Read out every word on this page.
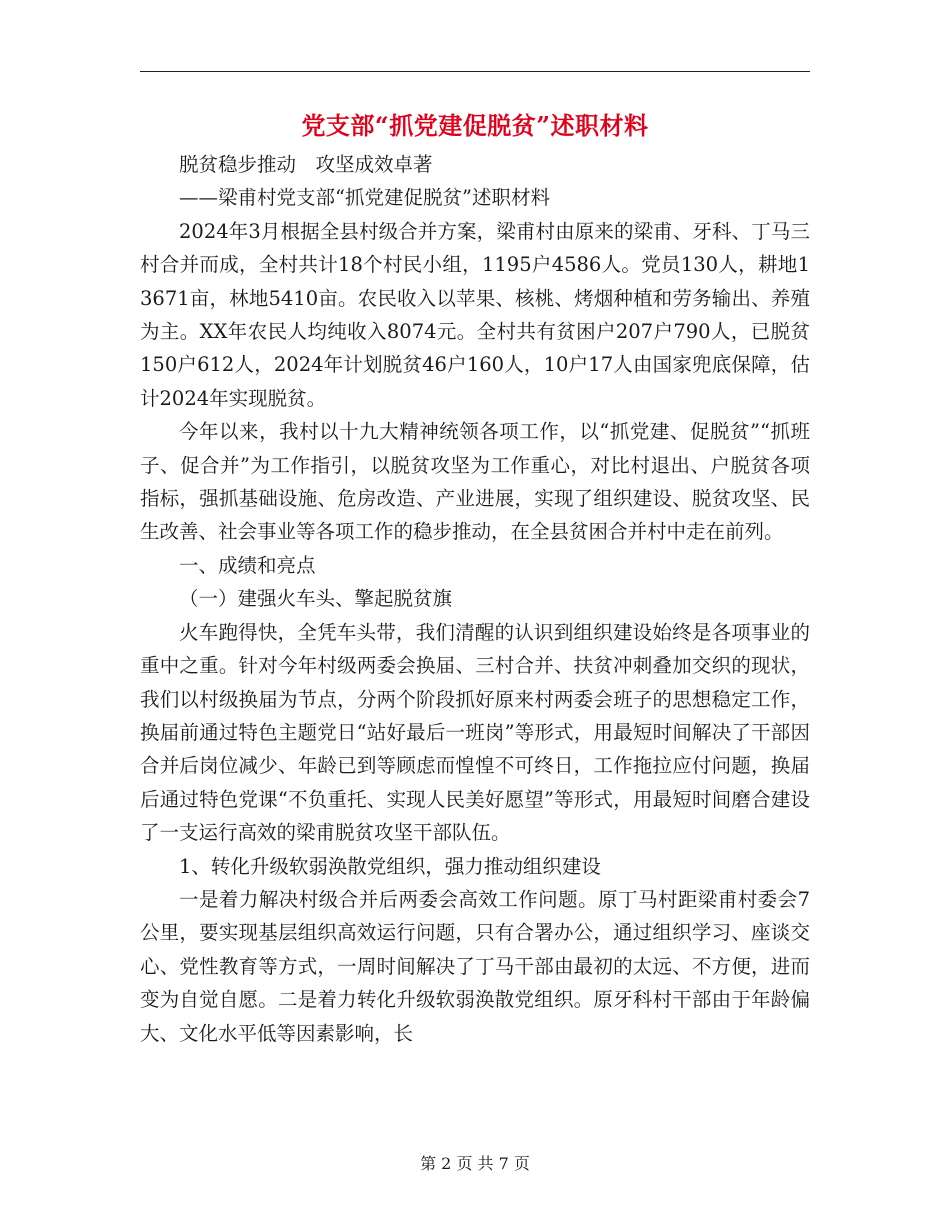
党支部“抓党建促脱贫”述职材料

脱贫稳步推动　攻坚成效卓著

——梁甫村党支部“抓党建促脱贫”述职材料

2024年3月根据全县村级合并方案，梁甫村由原来的梁甫、牙科、丁马三村合并而成，全村共计18个村民小组，1195户4586人。党员130人，耕地13671亩，林地5410亩。农民收入以苹果、核桃、烤烟种植和劳务输出、养殖为主。XX年农民人均纯收入8074元。全村共有贫困户207户790人，已脱贫150户612人，2024年计划脱贫46户160人，10户17人由国家兜底保障，估计2024年实现脱贫。

今年以来，我村以十九大精神统领各项工作，以“抓党建、促脱贫”“抓班子、促合并”为工作指引，以脱贫攻坚为工作重心，对比村退出、户脱贫各项指标，强抓基础设施、危房改造、产业进展，实现了组织建设、脱贫攻坚、民生改善、社会事业等各项工作的稳步推动，在全县贫困合并村中走在前列。

一、成绩和亮点

（一）建强火车头、擎起脱贫旗

火车跑得快，全凭车头带，我们清醒的认识到组织建设始终是各项事业的重中之重。针对今年村级两委会换届、三村合并、扶贫冲刺叠加交织的现状，我们以村级换届为节点，分两个阶段抓好原来村两委会班子的思想稳定工作，换届前通过特色主题党日“站好最后一班岗”等形式，用最短时间解决了干部因合并后岗位减少、年龄已到等顾虑而惶惶不可终日，工作拖拉应付问题，换届后通过特色党课“不负重托、实现人民美好愿望”等形式，用最短时间磨合建设了一支运行高效的梁甫脱贫攻坚干部队伍。

1、转化升级软弱涣散党组织，强力推动组织建设

一是着力解决村级合并后两委会高效工作问题。原丁马村距梁甫村委会7公里，要实现基层组织高效运行问题，只有合署办公，通过组织学习、座谈交心、党性教育等方式，一周时间解决了丁马干部由最初的太远、不方便，进而变为自觉自愿。二是着力转化升级软弱涣散党组织。原牙科村干部由于年龄偏大、文化水平低等因素影响，长

第 2 页 共 7 页
